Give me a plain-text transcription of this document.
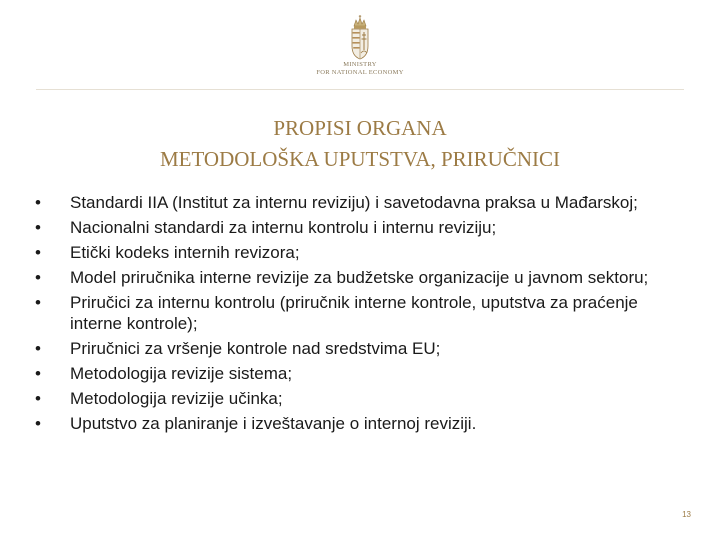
MINISTRY
FOR NATIONAL ECONOMY
PROPISI ORGANA
METODOLOŠKA UPUTSTVA, PRIRUČNICI
•	Standardi IIA (Institut za internu reviziju) i savetodavna praksa u Mađarskoj;
•	Nacionalni standardi za internu kontrolu i internu reviziju;
•	Etički kodeks internih revizora;
•	Model priručnika interne revizije za budžetske organizacije u javnom sektoru;
•	Priručici za internu kontrolu (priručnik interne kontrole, uputstva za praćenje interne kontrole);
•	Priručnici za vršenje kontrole nad sredstvima EU;
•	Metodologija revizije sistema;
•	Metodologija revizije učinka;
•	Uputstvo za planiranje i izveštavanje o internoj reviziji.
13
